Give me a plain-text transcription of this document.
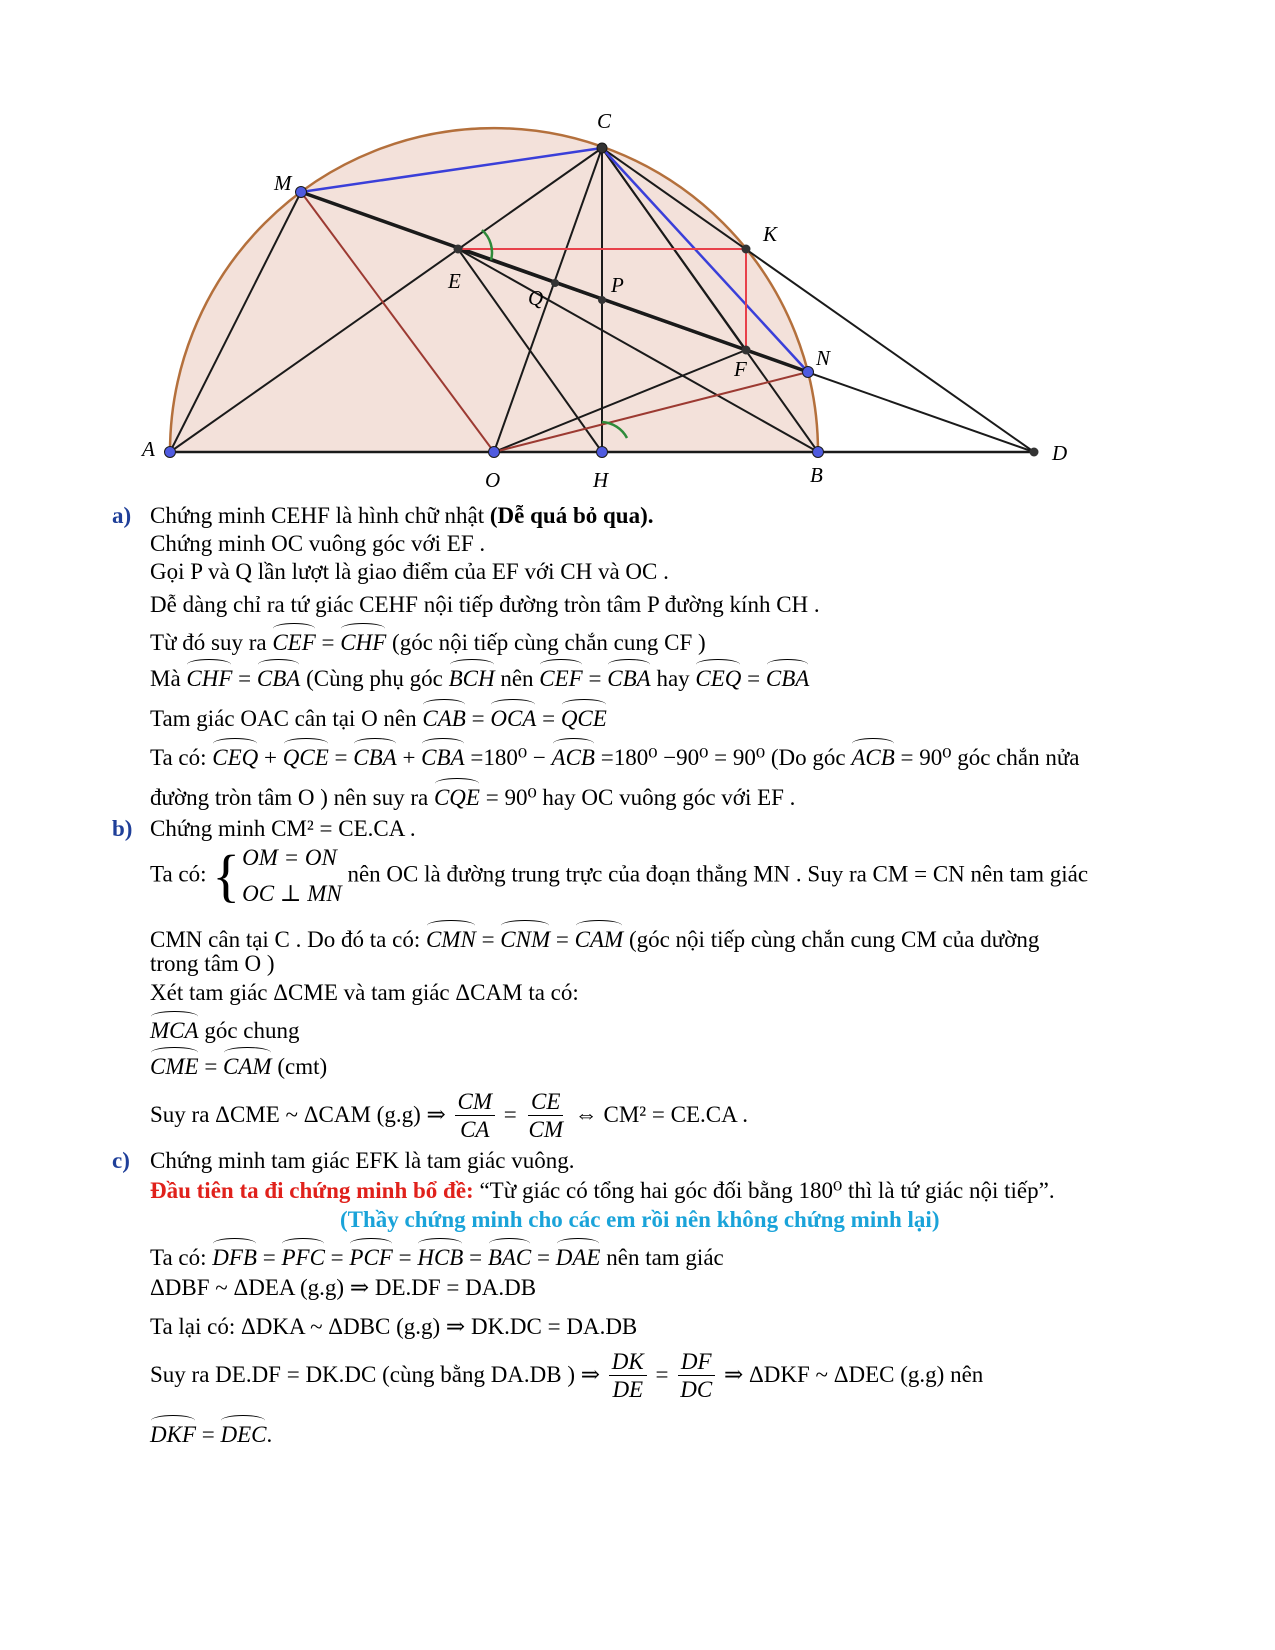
C
M
K
E	P
Q
N
F
A
O	H	B
D
a) Chứng minh CEHF là hình chữ nhật (Dễ quá bỏ qua).
Chứng minh OC vuông góc với EF .
Gọi P và Q lần lượt là giao điểm của EF với CH và OC .
Dễ dàng chỉ ra tứ giác CEHF nội tiếp đường tròn tâm P đường kính CH .
Từ đó suy ra CEF = CHF (góc nội tiếp cùng chắn cung CF )
Mà CHF = CBA (Cùng phụ góc BCH nên CEF = CBA hay CEQ = CBA
Tam giác OAC cân tại O nên CAB = OCA = QCE
Ta có: CEQ + QCE = CBA + CBA =180⁰ − ACB =180⁰ −90⁰ = 90⁰ (Do góc ACB = 90⁰ góc chắn nửa
đường tròn tâm O ) nên suy ra CQE = 90⁰ hay OC vuông góc với EF .
b) Chứng minh CM² = CE.CA .
Ta có: { OM = ON
OC ⊥ MN
nên OC là đường trung trực của đoạn thẳng MN . Suy ra CM = CN nên tam giác
CMN cân tại C . Do đó ta có: CMN = CNM = CAM (góc nội tiếp cùng chắn cung CM của dường
trong tâm O )
Xét tam giác ΔCME và tam giác ΔCAM ta có:
MCA góc chung
CME = CAM (cmt)
Suy ra ΔCME ~ ΔCAM (g.g) ⇒ $\frac{CM}{CA} = \frac{CE}{CM}$ ⇔ CM² = CE.CA .
c) Chứng minh tam giác EFK là tam giác vuông.
Đầu tiên ta đi chứng minh bổ đề: “Từ giác có tổng hai góc đối bằng 180⁰ thì là tứ giác nội tiếp”.
(Thầy chứng minh cho các em rồi nên không chứng minh lại)
Ta có: DFB = PFC = PCF = HCB = BAC = DAE nên tam giác
ΔDBF ~ ΔDEA (g.g) ⇒ DE.DF = DA.DB
Ta lại có: ΔDKA ~ ΔDBC (g.g) ⇒ DK.DC = DA.DB
Suy ra DE.DF = DK.DC (cùng bằng DA.DB ) ⇒ $\frac{DK}{DE} = \frac{DF}{DC}$ ⇒ ΔDKF ~ ΔDEC (g.g) nên
DKF = DEC.
